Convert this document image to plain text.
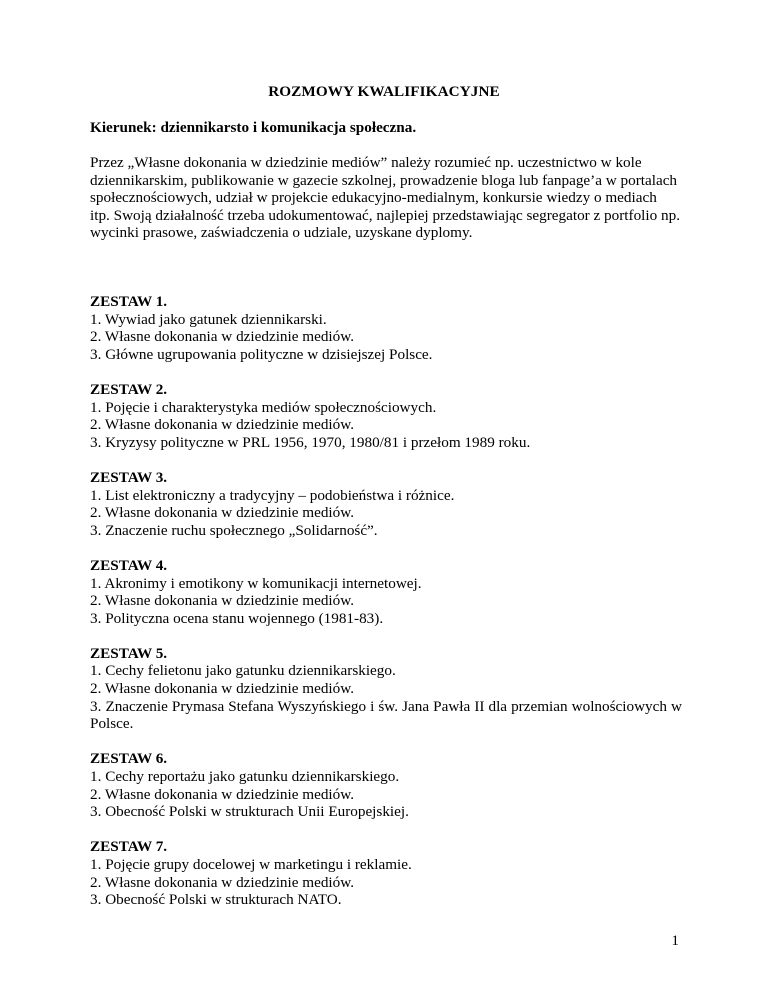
ROZMOWY KWALIFIKACYJNE
Kierunek: dziennikarsto i komunikacja społeczna.
Przez „Własne dokonania w dziedzinie mediów” należy rozumieć np. uczestnictwo w kole dziennikarskim, publikowanie w gazecie szkolnej, prowadzenie bloga lub fanpage’a w portalach społecznościowych, udział w projekcie edukacyjno-medialnym, konkursie wiedzy o mediach itp. Swoją działalność trzeba udokumentować, najlepiej przedstawiając segregator z portfolio np. wycinki prasowe, zaświadczenia o udziale, uzyskane dyplomy.
ZESTAW 1.
1. Wywiad jako gatunek dziennikarski.
2. Własne dokonania w dziedzinie mediów.
3. Główne ugrupowania polityczne w dzisiejszej Polsce.
ZESTAW 2.
1. Pojęcie i charakterystyka mediów społecznościowych.
2. Własne dokonania w dziedzinie mediów.
3. Kryzysy polityczne w PRL 1956, 1970, 1980/81 i przełom 1989 roku.
ZESTAW 3.
1. List elektroniczny a tradycyjny – podobieństwa i różnice.
2. Własne dokonania w dziedzinie mediów.
3. Znaczenie ruchu społecznego „Solidarność”.
ZESTAW 4.
1. Akronimy i emotikony w komunikacji internetowej.
2. Własne dokonania w dziedzinie mediów.
3. Polityczna ocena stanu wojennego (1981-83).
ZESTAW 5.
1. Cechy felietonu jako gatunku dziennikarskiego.
2. Własne dokonania w dziedzinie mediów.
3. Znaczenie Prymasa Stefana Wyszyńskiego i św. Jana Pawła II dla przemian wolnościowych w Polsce.
ZESTAW 6.
1. Cechy reportażu jako gatunku dziennikarskiego.
2. Własne dokonania w dziedzinie mediów.
3. Obecność Polski w strukturach Unii Europejskiej.
ZESTAW 7.
1. Pojęcie grupy docelowej w marketingu i reklamie.
2. Własne dokonania w dziedzinie mediów.
3. Obecność Polski w strukturach NATO.
1
